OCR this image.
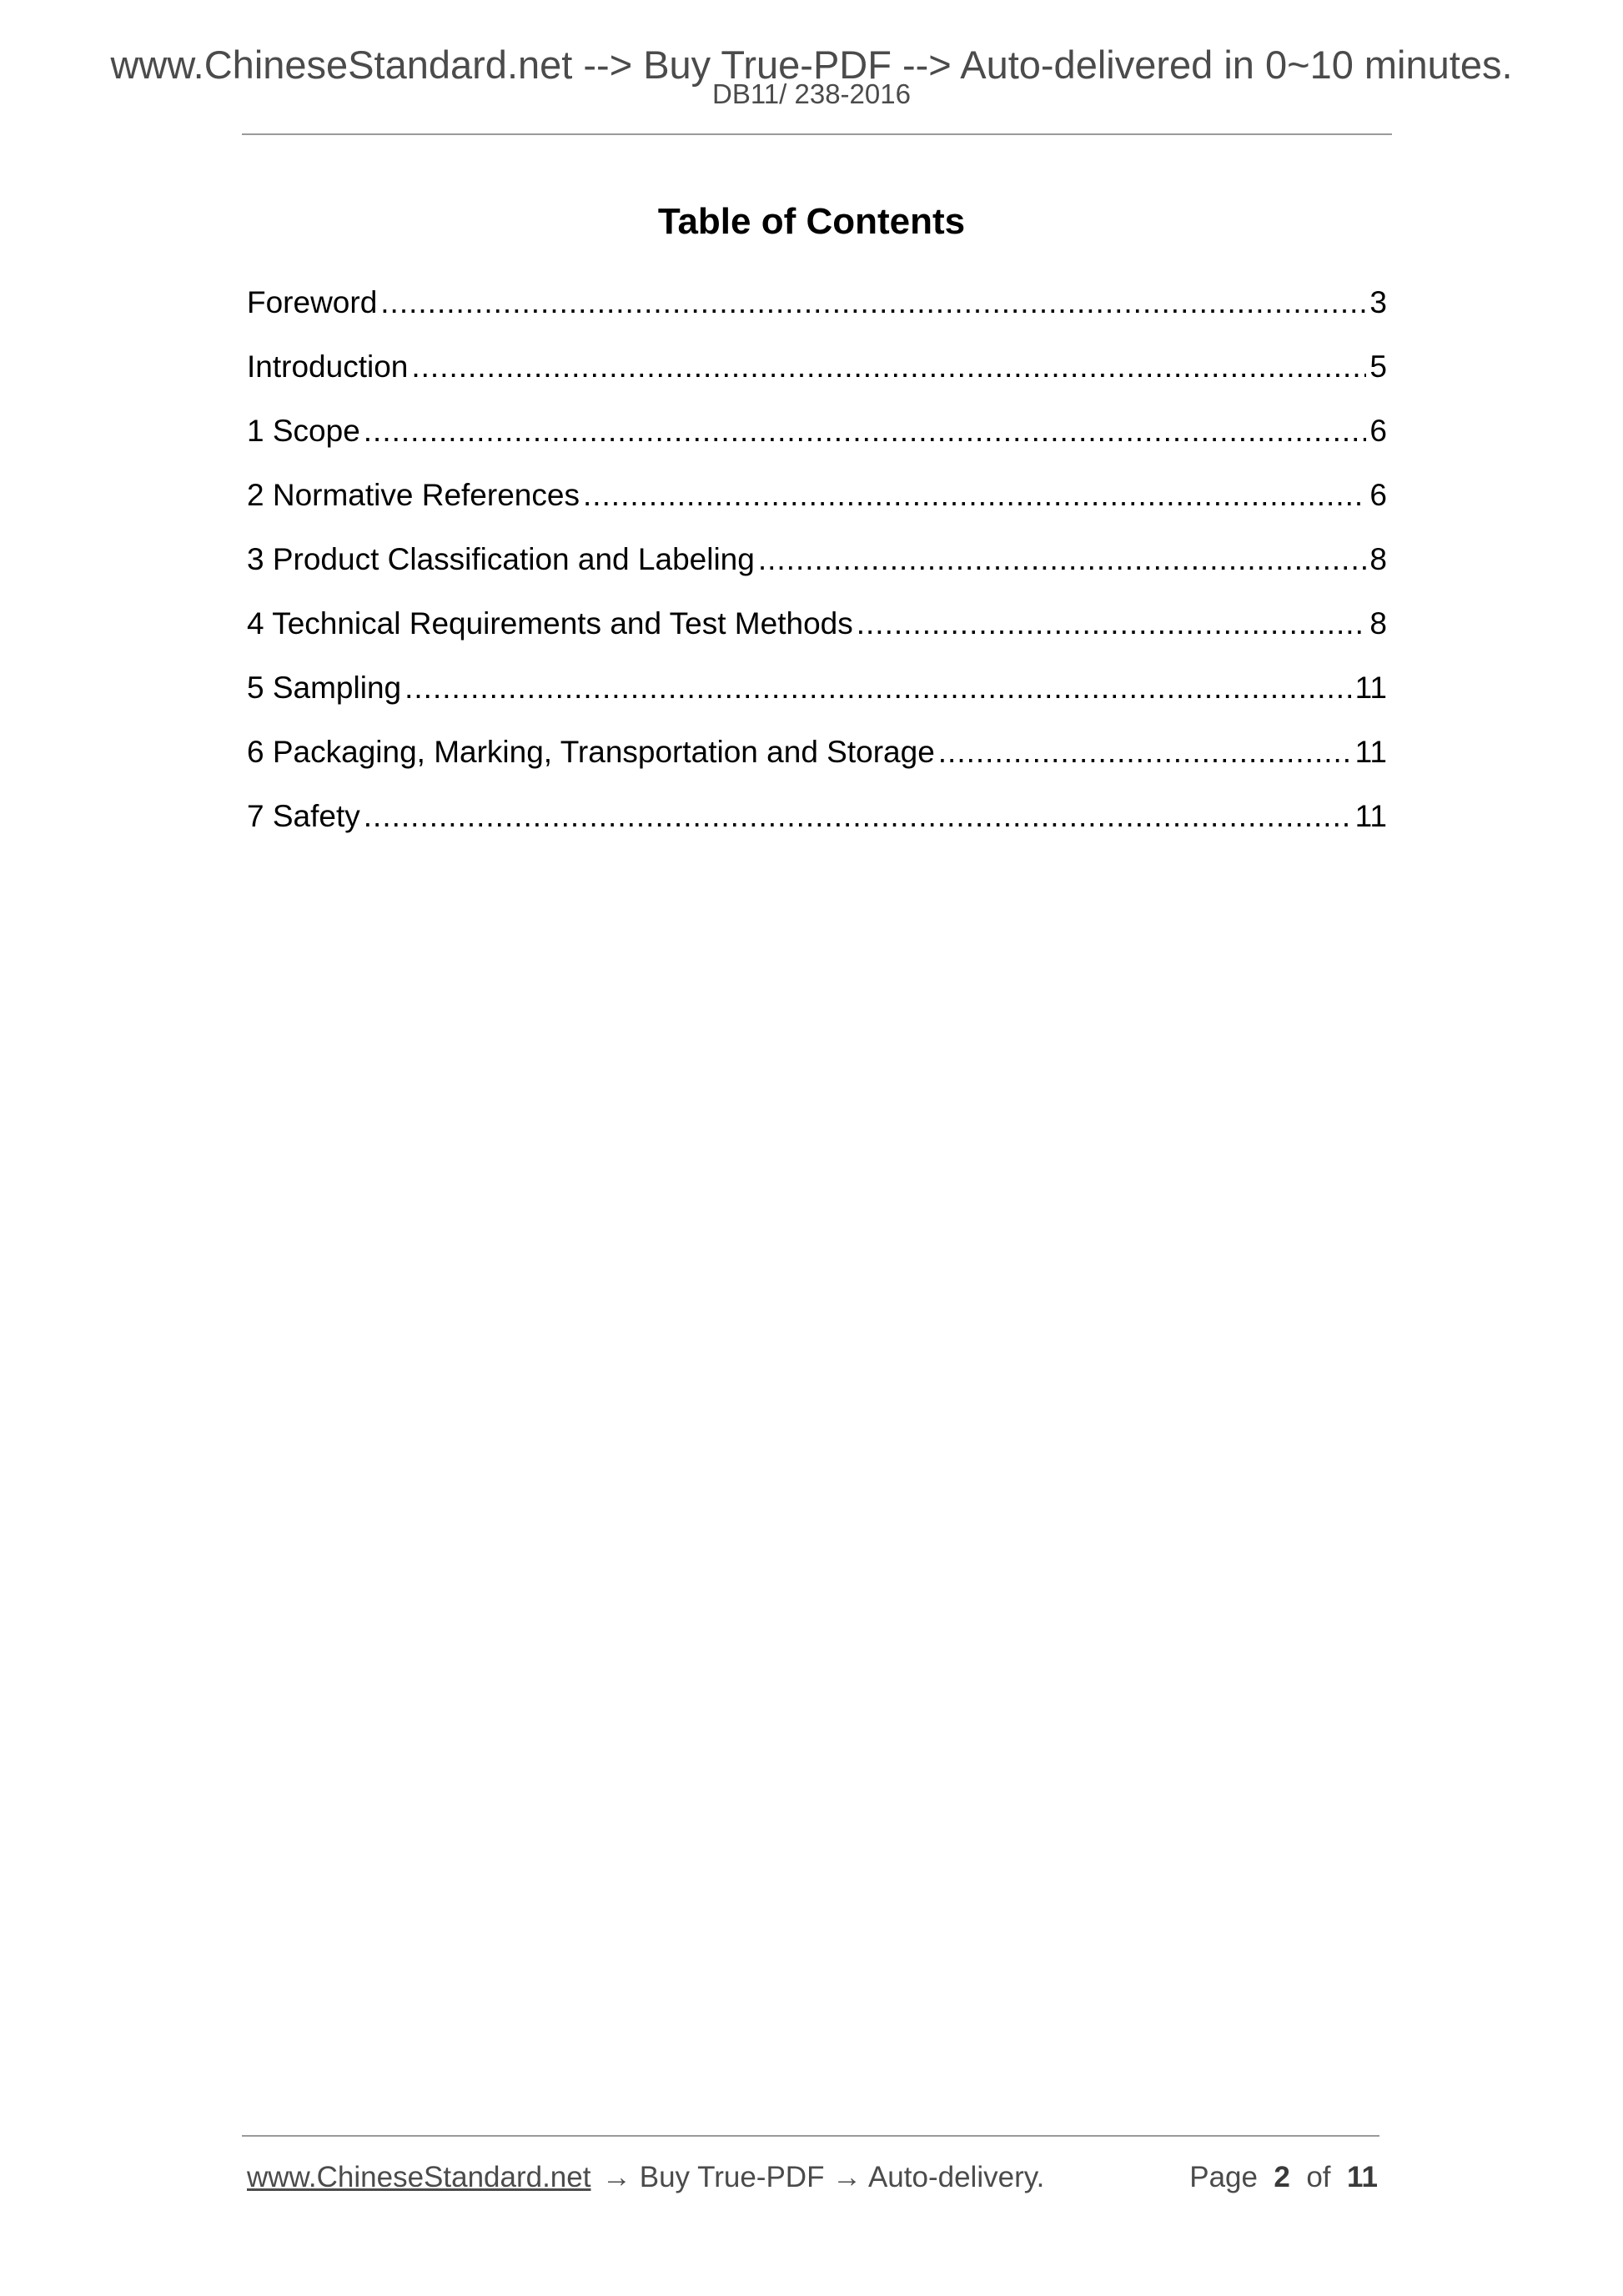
www.ChineseStandard.net --> Buy True-PDF --> Auto-delivered in 0~10 minutes.
DB11/ 238-2016
Table of Contents
Foreword .....	3
Introduction .....	5
1 Scope .....	6
2 Normative References .....	6
3 Product Classification and Labeling .....	8
4 Technical Requirements and Test Methods .....	8
5 Sampling .....	11
6 Packaging, Marking, Transportation and Storage .....	11
7 Safety .....	11
www.ChineseStandard.net → Buy True-PDF → Auto-delivery.	Page 2 of 11
